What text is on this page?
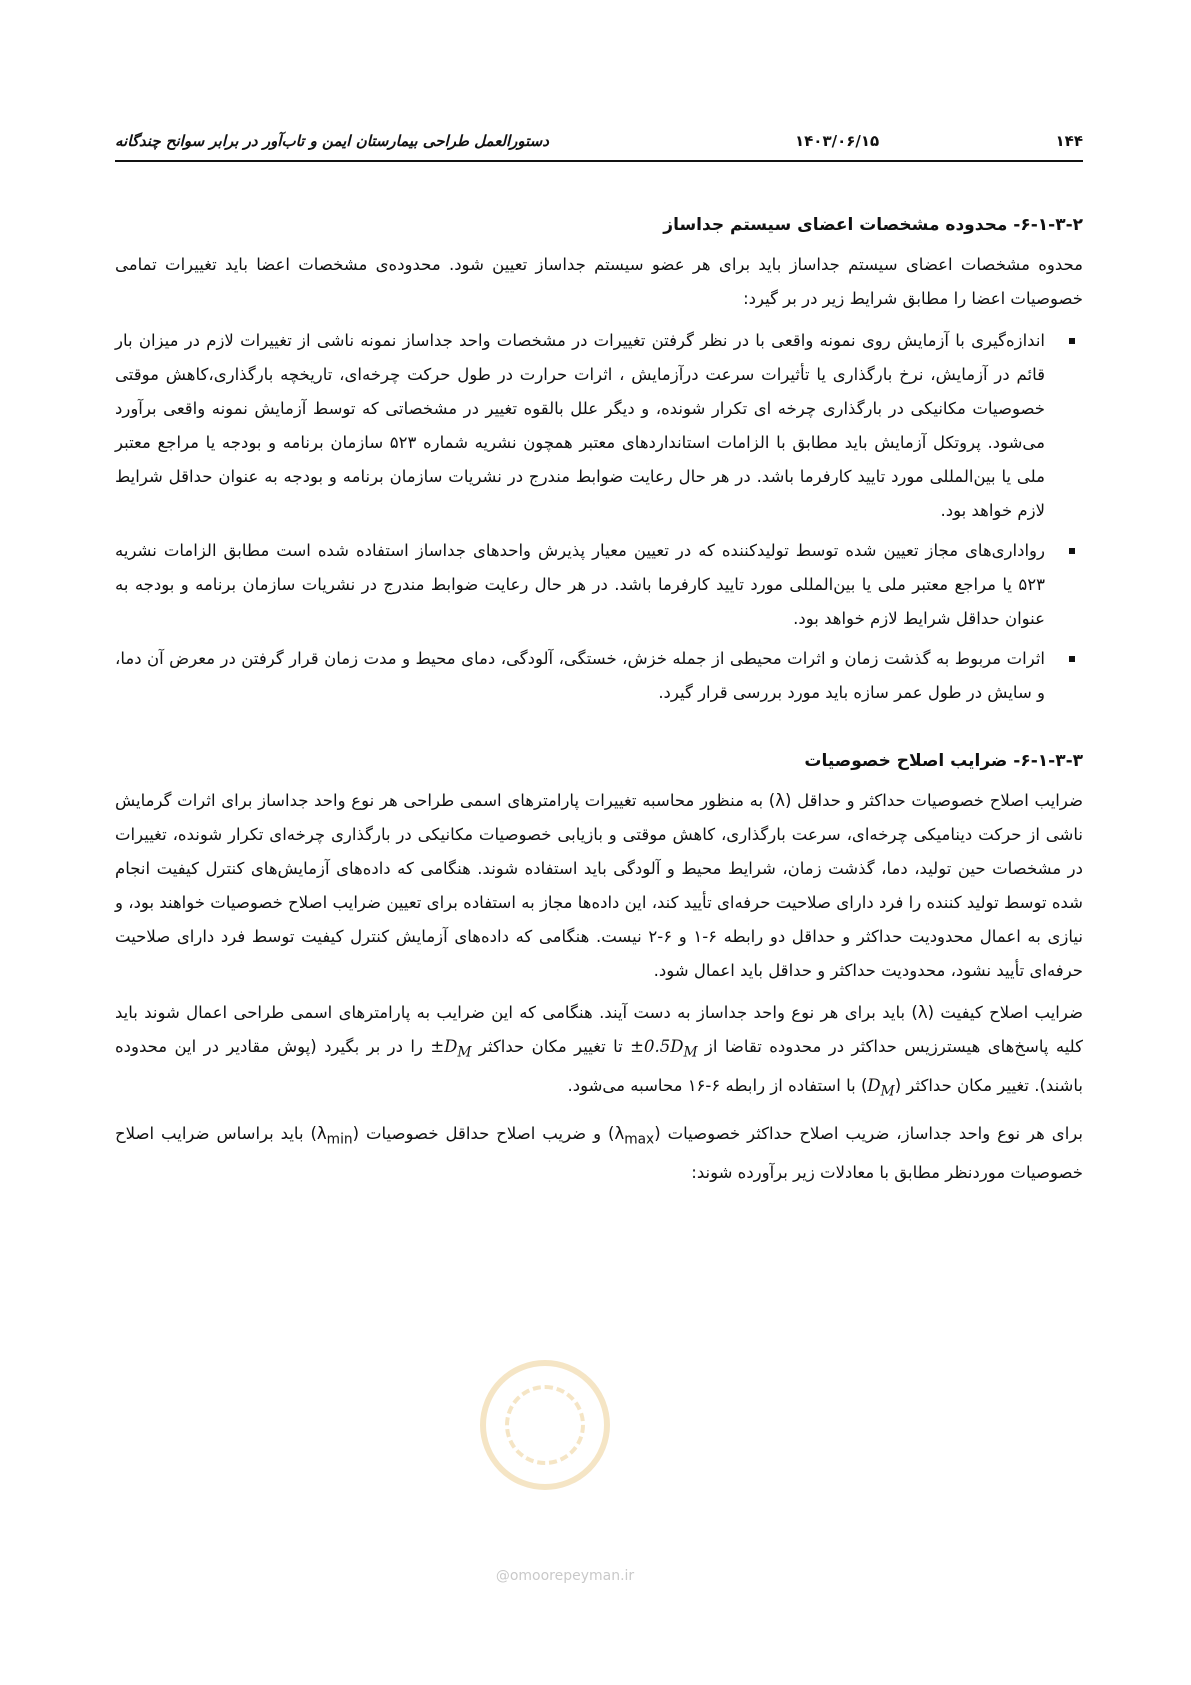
۱۴۴
۱۴۰۳/۰۶/۱۵
دستورالعمل طراحی بیمارستان ایمن و تاب‌آور در برابر سوانح چندگانه
۶-۱-۳-۲- محدوده مشخصات اعضای سیستم جداساز

محدوه مشخصات اعضای سیستم جداساز باید برای هر عضو سیستم جداساز تعیین شود. محدوده‌ی مشخصات اعضا باید تغییرات تمامی خصوصیات اعضا را مطابق شرایط زیر در بر گیرد:

اندازه‌گیری با آزمایش روی نمونه واقعی با در نظر گرفتن تغییرات در مشخصات واحد جداساز نمونه ناشی از تغییرات لازم در میزان بار قائم در آزمایش، نرخ بارگذاری یا تأثیرات سرعت درآزمایش ، اثرات حرارت در طول حرکت چرخه‌ای، تاریخچه بارگذاری،کاهش موقتی خصوصیات مکانیکی در بارگذاری چرخه ای تکرار شونده، و دیگر علل بالقوه تغییر در مشخصاتی که توسط آزمایش نمونه واقعی برآورد می‌شود. پروتکل آزمایش باید مطابق با الزامات استانداردهای معتبر همچون نشریه شماره ۵۲۳ سازمان برنامه و بودجه یا مراجع معتبر ملی یا بین‌المللی مورد تایید کارفرما باشد. در هر حال رعایت ضوابط مندرج در نشریات سازمان برنامه و بودجه به عنوان حداقل شرایط لازم خواهد بود.
رواداری‌های مجاز تعیین شده توسط تولیدکننده که در تعیین معیار پذیرش واحدهای جداساز استفاده شده است مطابق الزامات نشریه ۵۲۳ یا مراجع معتبر ملی یا بین‌المللی مورد تایید کارفرما باشد. در هر حال رعایت ضوابط مندرج در نشریات سازمان برنامه و بودجه به عنوان حداقل شرایط لازم خواهد بود.
اثرات مربوط به گذشت زمان و اثرات محیطی از جمله خزش، خستگی، آلودگی، دمای محیط و مدت زمان قرار گرفتن در معرض آن دما، و سایش در طول عمر سازه باید مورد بررسی قرار گیرد.
۶-۱-۳-۳- ضرایب اصلاح خصوصیات

ضرایب اصلاح خصوصیات حداکثر و حداقل (λ) به منظور محاسبه تغییرات پارامترهای اسمی طراحی هر نوع واحد جداساز برای اثرات گرمایش ناشی از حرکت دینامیکی چرخه‌ای، سرعت بارگذاری، کاهش موقتی و بازیابی خصوصیات مکانیکی در بارگذاری چرخه‌ای تکرار شونده، تغییرات در مشخصات حین تولید، دما، گذشت زمان، شرایط محیط و آلودگی باید استفاده شوند. هنگامی که داده‌های آزمایش‌های کنترل کیفیت انجام شده توسط تولید کننده را فرد دارای صلاحیت حرفه‌ای تأیید کند، این داده‌ها مجاز به استفاده برای تعیین ضرایب اصلاح خصوصیات خواهند بود، و نیازی به اعمال محدودیت حداکثر و حداقل دو رابطه ۶-۱ و ۶-۲ نیست. هنگامی که داده‌های آزمایش کنترل کیفیت توسط فرد دارای صلاحیت حرفه‌ای تأیید نشود، محدودیت حداکثر و حداقل باید اعمال شود.

ضرایب اصلاح کیفیت (λ) باید برای هر نوع واحد جداساز به دست آیند. هنگامی که این ضرایب به پارامترهای اسمی طراحی اعمال شوند باید کلیه پاسخ‌های هیسترزیس حداکثر در محدوده تقاضا از $\pm 0.5D_M$ تا تغییر مکان حداکثر $\pm D_M$ را در بر بگیرد (پوش مقادیر در این محدوده باشند). تغییر مکان حداکثر $(D_M)$ با استفاده از رابطه ۶-۱۶ محاسبه می‌شود.

برای هر نوع واحد جداساز، ضریب اصلاح حداکثر خصوصیات $(\lambda_{max})$ و ضریب اصلاح حداقل خصوصیات $(\lambda_{min})$ باید براساس ضرایب اصلاح خصوصیات موردنظر مطابق با معادلات زیر برآورده شوند:

@omoorepeyman.ir
